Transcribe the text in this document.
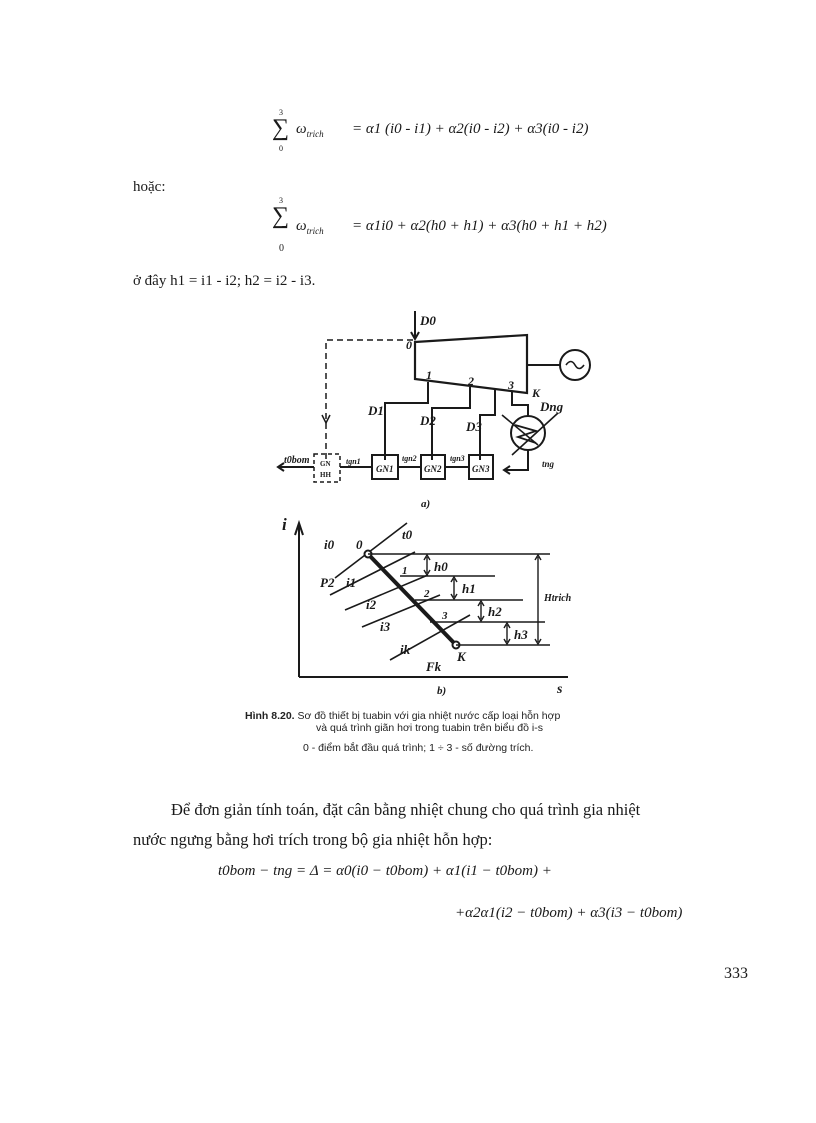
3
∑
0
$\omega_{trich} = \alpha 1$ (i0 - i1) + α2(i0 - i2) + α3(i0 - i2)
hoặc:
3
∑
0
$\omega_{trich} = \alpha 1i0 + \alpha 2(h0 + h1) + \alpha 3(h0 + h1 + h2)$
ở đây h1 = i1 - i2; h2 = i2 - i3.
D0
0
1	2	3
K
D1
D2 D3
Dng
t0bom GN
HH
tgn1	tgn2	tgn3
GN1	GN2	GN3	tng
a)
i
s
i0 0
t0
P2 i1
1 h0
i2
2	h1
i3
3	h2
ik
Fk
K
h3
Htrich
b)
Hình 8.20. Sơ đồ thiết bị tuabin với gia nhiệt nước cấp loại hỗn hợp
và quá trình giãn hơi trong tuabin trên biểu đồ i-s
0 - điểm bắt đầu quá trình; 1 ÷ 3 - số đường trích.
Để đơn giản tính toán, đặt cân bằng nhiệt chung cho quá trình gia nhiệt
nước ngưng bằng hơi trích trong bộ gia nhiệt hỗn hợp:
t0bom − tng = Δ = α0(i0 − t0bom) + α1(i1 − t0bom) +
+α2α1(i2 − t0bom) + α3(i3 − t0bom)
333
